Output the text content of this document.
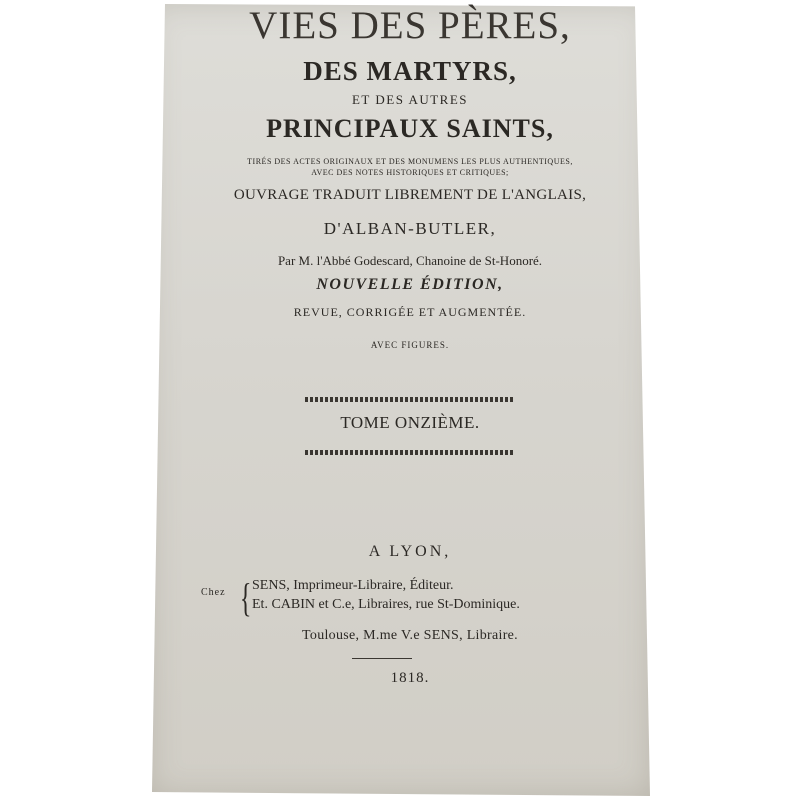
VIES DES PÈRES,
DES MARTYRS,
ET DES AUTRES
PRINCIPAUX SAINTS,
TIRÉS DES ACTES ORIGINAUX ET DES MONUMENS LES PLUS AUTHENTIQUES,
AVEC DES NOTES HISTORIQUES ET CRITIQUES;
OUVRAGE TRADUIT LIBREMENT DE L'ANGLAIS,
D'ALBAN-BUTLER,
Par M. l'Abbé Godescard, Chanoine de St-Honoré.
NOUVELLE ÉDITION,
REVUE, CORRIGÉE ET AUGMENTÉE.
AVEC FIGURES.
TOME ONZIÈME.
A LYON,
Chez { SENS, Imprimeur-Libraire, Éditeur.
Et. CABIN et C.e, Libraires, rue St-Dominique.
Toulouse, M.me V.e SENS, Libraire.
1818.
